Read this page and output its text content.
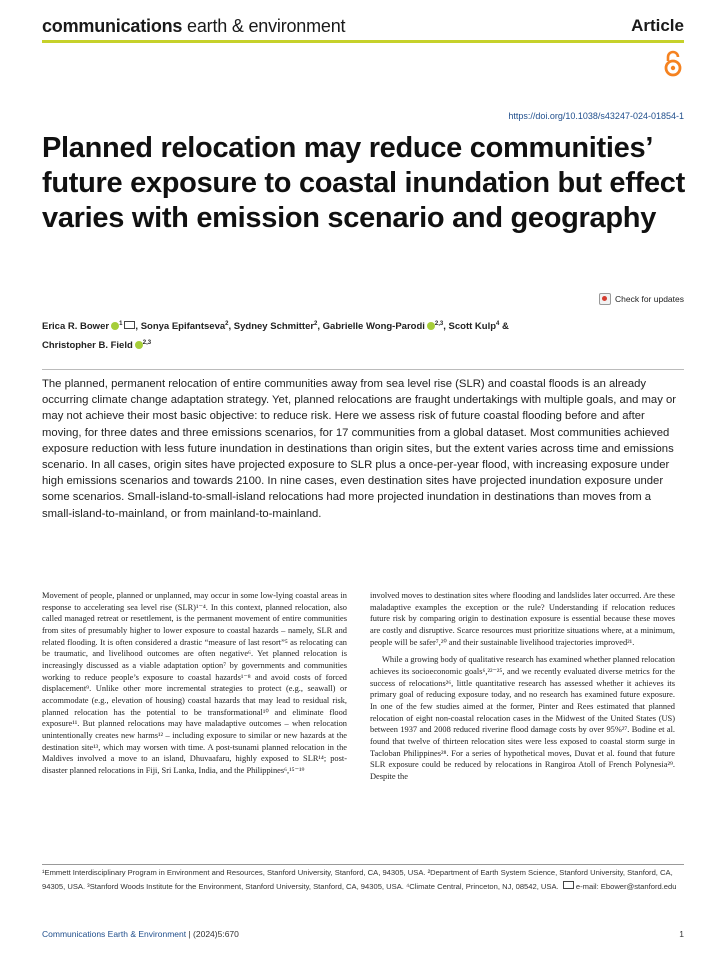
communications earth & environment	Article
https://doi.org/10.1038/s43247-024-01854-1
Planned relocation may reduce communities’ future exposure to coastal inundation but effect varies with emission scenario and geography
Check for updates
Erica R. Bower $^1$ , Sonya Epifantseva$^2$, Sydney Schmitter$^2$, Gabrielle Wong-Parodi $^{2,3}$, Scott Kulp$^4$ &
Christopher B. Field $^{2,3}$

The planned, permanent relocation of entire communities away from sea level rise (SLR) and coastal floods is an already occurring climate change adaptation strategy. Yet, planned relocations are fraught undertakings with multiple goals, and may or may not achieve their most basic objective: to reduce risk. Here we assess risk of future coastal flooding before and after moving, for three dates and three emissions scenarios, for 17 communities from a global dataset. Most communities achieved exposure reduction with less future inundation in destinations than origin sites, but the extent varies across time and emissions scenario. In all cases, origin sites have projected exposure to SLR plus a once-per-year flood, with increasing exposure under high emissions scenarios and towards 2100. In nine cases, even destination sites have projected inundation exposure under some scenarios. Small-island-to-small-island relocations had more projected inundation in destinations than moves from a small-island-to-mainland, or from mainland-to-mainland.

Movement of people, planned or unplanned, may occur in some low-lying coastal areas in response to accelerating sea level rise (SLR)¹⁻⁴. In this context, planned relocation, also called managed retreat or resettlement, is the permanent movement of entire communities from sites of presumably higher to lower exposure to coastal hazards – namely, SLR and related flooding. It is often considered a drastic “measure of last resort”⁵ as relocating can be traumatic, and livelihood outcomes are often negative⁶. Yet planned relocation is increasingly discussed as a viable adaptation option⁷ by governments and communities working to reduce people’s exposure to coastal hazards¹⁻⁸ and avoid costs of forced displacement⁹. Unlike other more incremental strategies to protect (e.g., seawall) or accommodate (e.g., elevation of housing) coastal hazards that may lead to residual risk, planned relocation has the potential to be transformational¹⁰ and eliminate flood exposure¹¹. But planned relocations may have maladaptive outcomes – when relocation unintentionally creates new harms¹² – including exposure to similar or new hazards at the destination site¹³, which may worsen with time. A post-tsunami planned relocation in the Maldives involved a move to an island, Dhuvaafaru, highly exposed to SLR¹⁴; post-disaster planned relocations in Fiji, Sri Lanka, India, and the Philippines⁶,¹⁵⁻¹⁹

involved moves to destination sites where flooding and landslides later occurred. Are these maladaptive examples the exception or the rule? Understanding if relocation reduces future risk by comparing origin to destination exposure is essential because these moves are costly and disruptive. Scarce resources must prioritize situations where, at a minimum, people will be safer⁷,²⁰ and their sustainable livelihood trajectories improved²¹.

While a growing body of qualitative research has examined whether planned relocation achieves its socioeconomic goals⁶,²²⁻²⁵, and we recently evaluated diverse metrics for the success of relocations²⁶, little quantitative research has assessed whether it achieves its primary goal of reducing exposure today, and no research has examined future exposure. In one of the few studies aimed at the former, Pinter and Rees estimated that planned relocation of eight non-coastal relocation cases in the Midwest of the United States (US) between 1937 and 2008 reduced riverine flood damage costs by over 95%²⁷. Bodine et al. found that twelve of thirteen relocation sites were less exposed to coastal storm surge in Tacloban Philippines²⁸. For a series of hypothetical moves, Duvat et al. found that future SLR exposure could be reduced by relocations in Rangiroa Atoll of French Polynesia²⁹. Despite the

¹Emmett Interdisciplinary Program in Environment and Resources, Stanford University, Stanford, CA, 94305, USA. ²Department of Earth System Science, Stanford University, Stanford, CA, 94305, USA. ³Stanford Woods Institute for the Environment, Stanford University, Stanford, CA, 94305, USA. ⁴Climate Central, Princeton, NJ, 08542, USA. e-mail: Ebower@stanford.edu

Communications Earth & Environment | (2024)5:670	1
